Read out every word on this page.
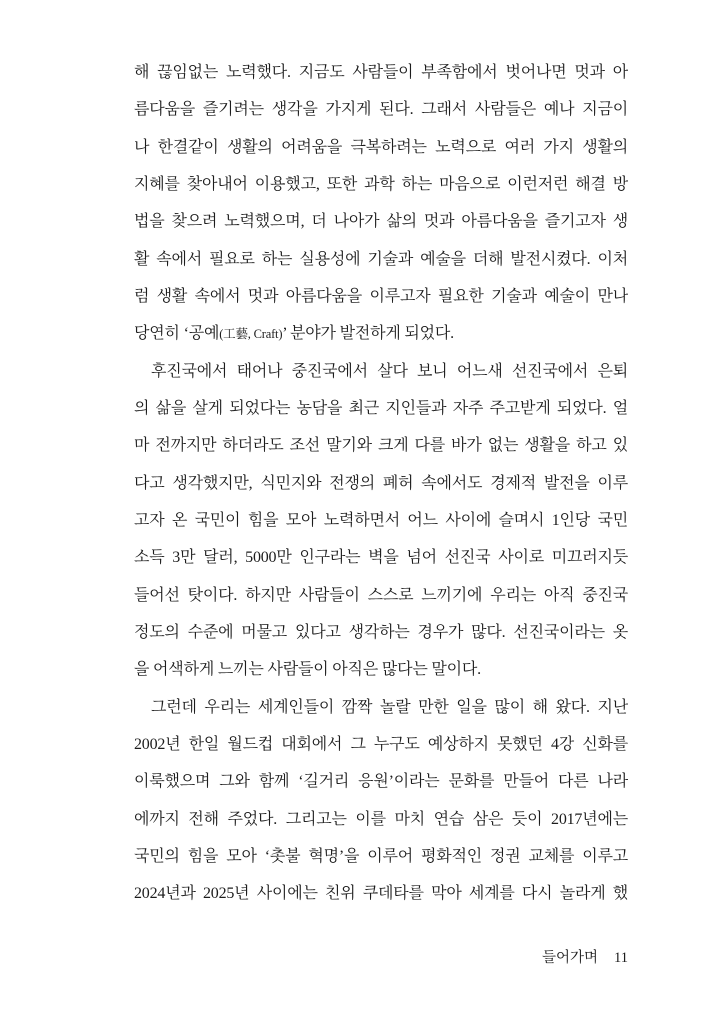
해 끊임없는 노력했다. 지금도 사람들이 부족함에서 벗어나면 멋과 아
름다움을 즐기려는 생각을 가지게 된다. 그래서 사람들은 예나 지금이
나 한결같이 생활의 어려움을 극복하려는 노력으로 여러 가지 생활의
지혜를 찾아내어 이용했고, 또한 과학 하는 마음으로 이런저런 해결 방
법을 찾으려 노력했으며, 더 나아가 삶의 멋과 아름다움을 즐기고자 생
활 속에서 필요로 하는 실용성에 기술과 예술을 더해 발전시켰다. 이처
럼 생활 속에서 멋과 아름다움을 이루고자 필요한 기술과 예술이 만나
당연히 ‘공예(工藝, Craft)’ 분야가 발전하게 되었다.
후진국에서 태어나 중진국에서 살다 보니 어느새 선진국에서 은퇴
의 삶을 살게 되었다는 농담을 최근 지인들과 자주 주고받게 되었다. 얼
마 전까지만 하더라도 조선 말기와 크게 다를 바가 없는 생활을 하고 있
다고 생각했지만, 식민지와 전쟁의 폐허 속에서도 경제적 발전을 이루
고자 온 국민이 힘을 모아 노력하면서 어느 사이에 슬며시 1인당 국민
소득 3만 달러, 5000만 인구라는 벽을 넘어 선진국 사이로 미끄러지듯
들어선 탓이다. 하지만 사람들이 스스로 느끼기에 우리는 아직 중진국
정도의 수준에 머물고 있다고 생각하는 경우가 많다. 선진국이라는 옷
을 어색하게 느끼는 사람들이 아직은 많다는 말이다.
그런데 우리는 세계인들이 깜짝 놀랄 만한 일을 많이 해 왔다. 지난
2002년 한일 월드컵 대회에서 그 누구도 예상하지 못했던 4강 신화를
이룩했으며 그와 함께 ‘길거리 응원’이라는 문화를 만들어 다른 나라
에까지 전해 주었다. 그리고는 이를 마치 연습 삼은 듯이 2017년에는
국민의 힘을 모아 ‘촛불 혁명’을 이루어 평화적인 정권 교체를 이루고
2024년과 2025년 사이에는 친위 쿠데타를 막아 세계를 다시 놀라게 했
들어가며 11
